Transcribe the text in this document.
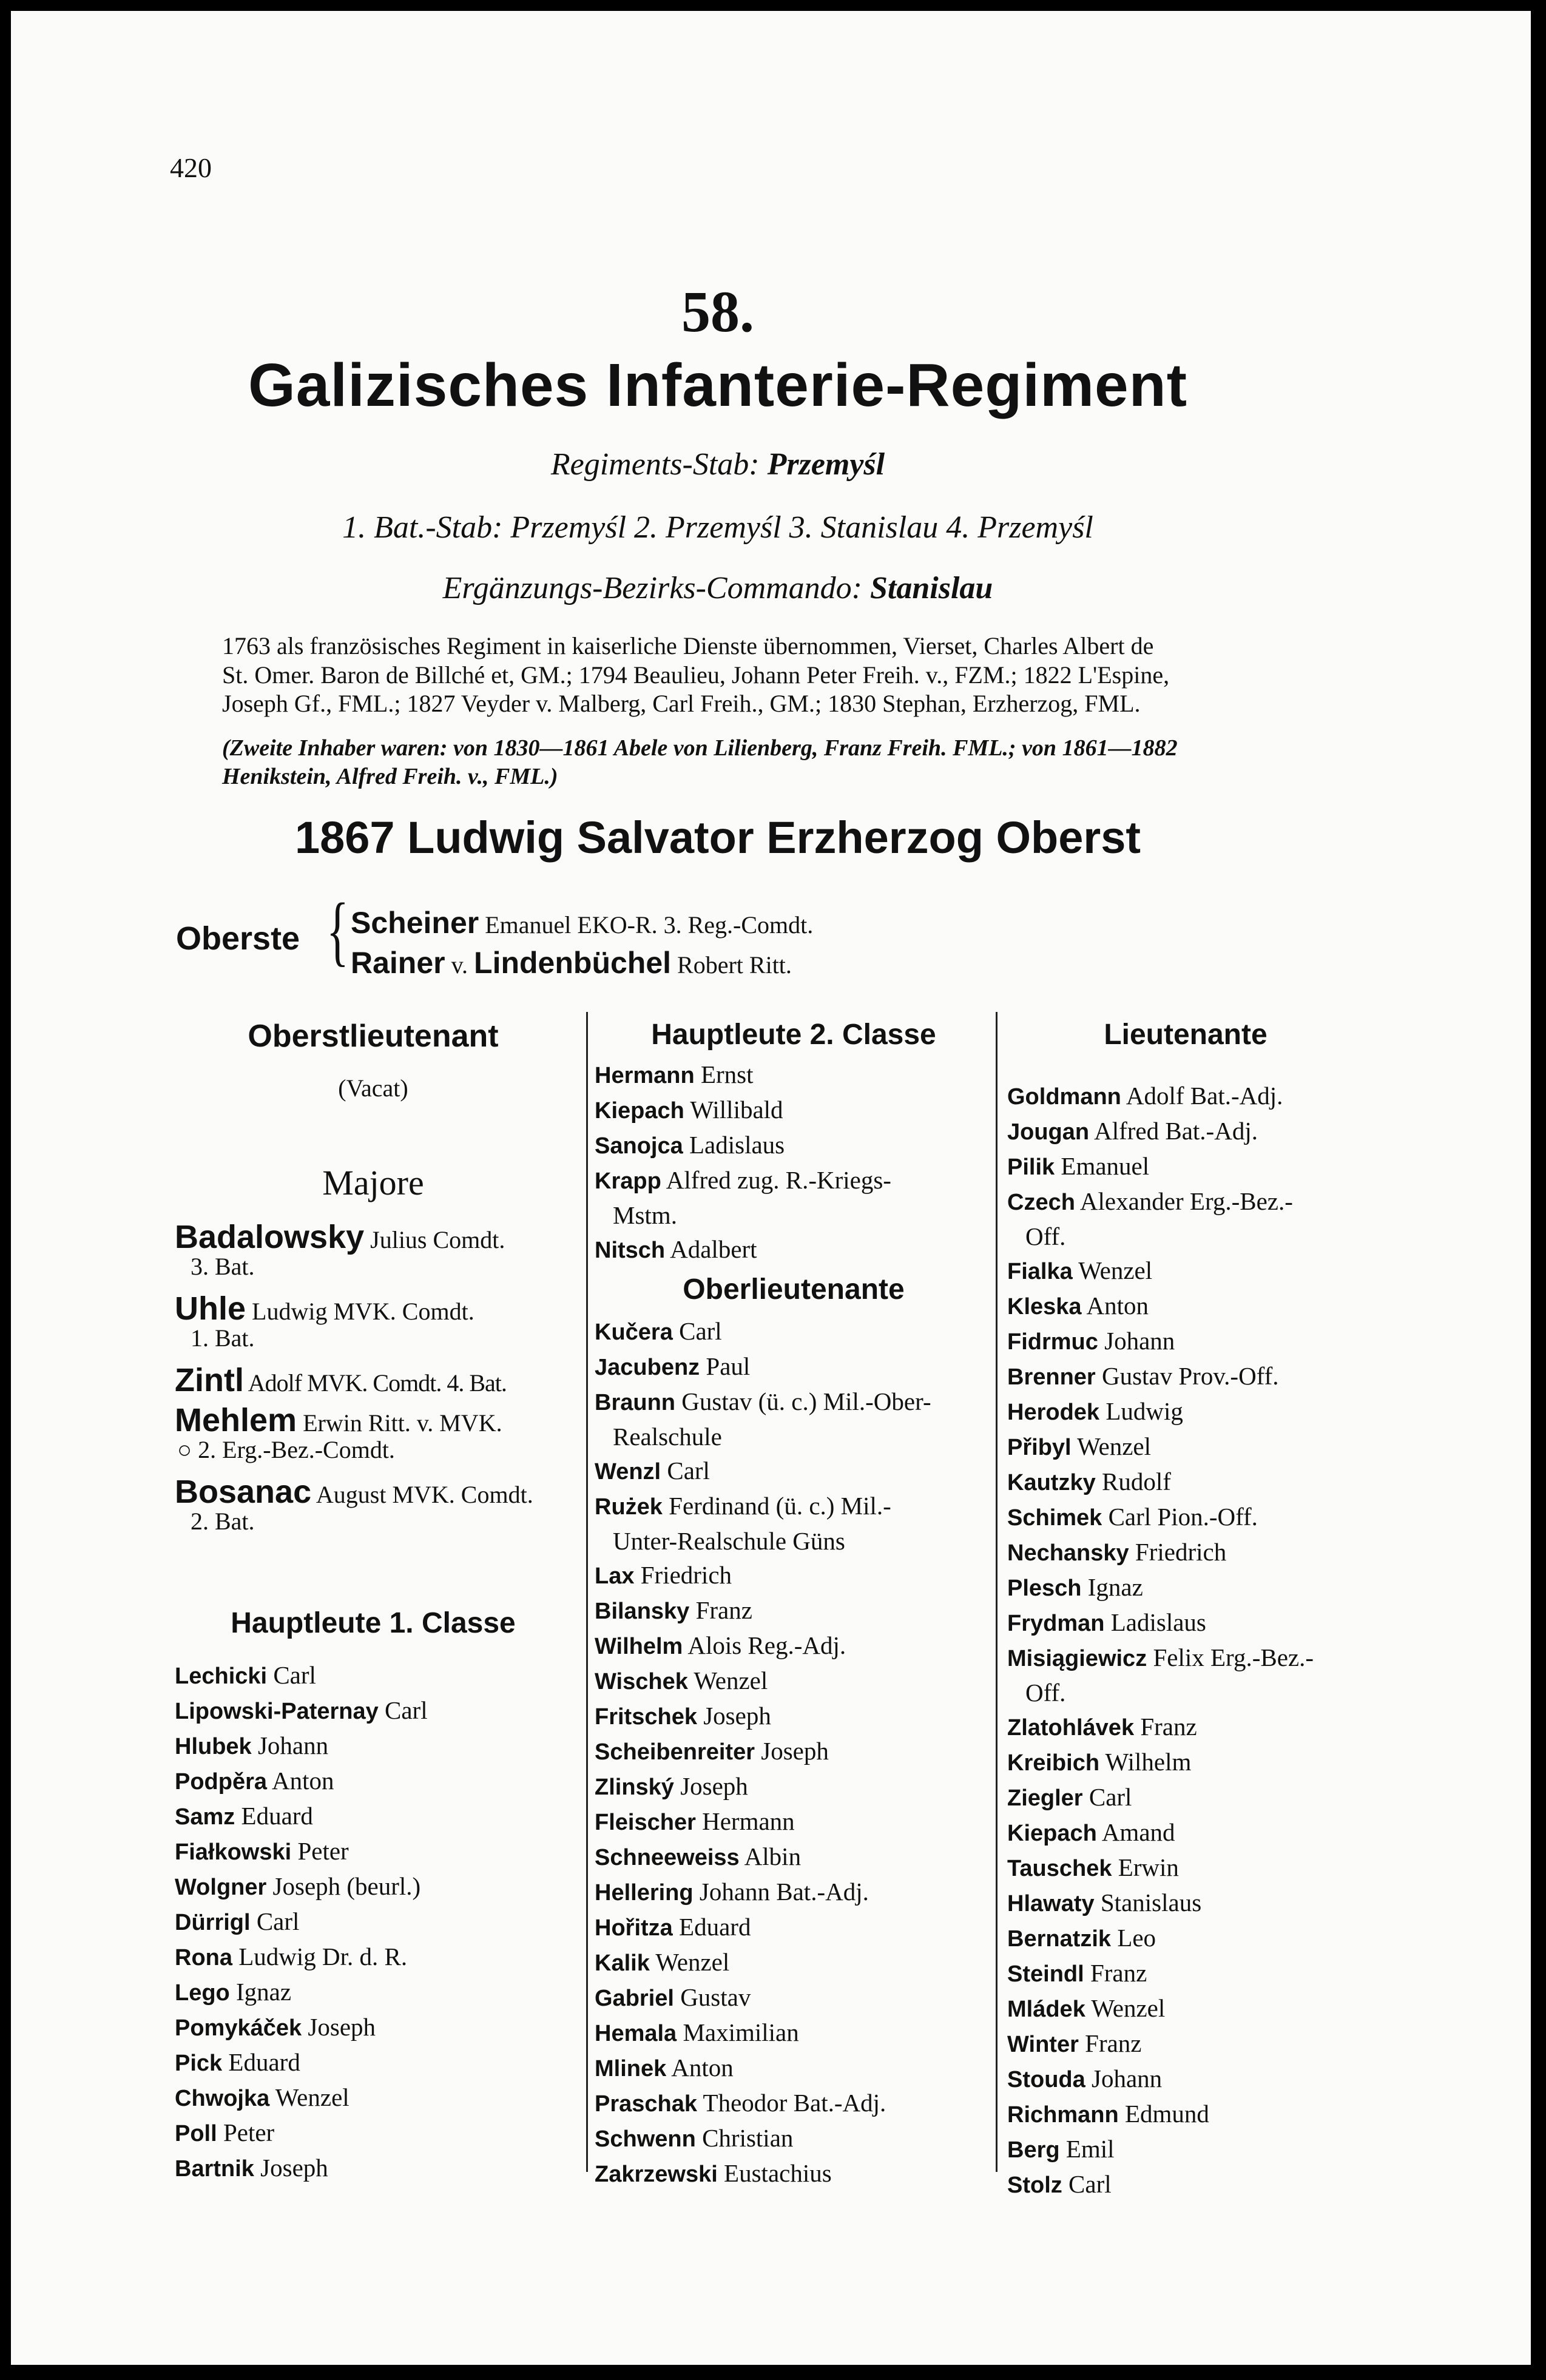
420
58.
Galizisches Infanterie-Regiment
Regiments-Stab: Przemyśl
1. Bat.-Stab: Przemyśl 2. Przemyśl 3. Stanislau 4. Przemyśl
Ergänzungs-Bezirks-Commando: Stanislau
1763 als französisches Regiment in kaiserliche Dienste übernommen, Vierset, Charles Albert de
St. Omer. Baron de Billché et, GM.; 1794 Beaulieu, Johann Peter Freih. v., FZM.; 1822 L'Espine,
Joseph Gf., FML.; 1827 Veyder v. Malberg, Carl Freih., GM.; 1830 Stephan, Erzherzog, FML.
(Zweite Inhaber waren: von 1830—1861 Abele von Lilienberg, Franz Freih. FML.; von 1861—1882
Henikstein, Alfred Freih. v., FML.)
1867 Ludwig Salvator Erzherzog Oberst
Oberste { Scheiner Emanuel EKO-R. 3. Reg.-Comdt.
Rainer v. Lindenbüchel Robert Ritt.
Oberstlieutenant
(Vacat)
Majore
Badalowsky Julius Comdt.
3. Bat.
Uhle Ludwig MVK. Comdt.
1. Bat.
Zintl Adolf MVK. Comdt. 4. Bat.
Mehlem Erwin Ritt. v. MVK.
○ 2. Erg.-Bez.-Comdt.
Bosanac August MVK. Comdt.
2. Bat.
Hauptleute 1. Classe
Lechicki Carl
Lipowski-Paternay Carl
Hlubek Johann
Podpěra Anton
Samz Eduard
Fiałkowski Peter
Wolgner Joseph (beurl.)
Dürrigl Carl
Rona Ludwig Dr. d. R.
Lego Ignaz
Pomykáček Joseph
Pick Eduard
Chwojka Wenzel
Poll Peter
Bartnik Joseph
Hauptleute 2. Classe
Hermann Ernst
Kiepach Willibald
Sanojca Ladislaus
Krapp Alfred zug. R.-Kriegs-
Mstm.
Nitsch Adalbert
Oberlieutenante
Kučera Carl
Jacubenz Paul
Braunn Gustav (ü. c.) Mil.-Ober-
Realschule
Wenzl Carl
Rużek Ferdinand (ü. c.) Mil.-
Unter-Realschule Güns
Lax Friedrich
Bilansky Franz
Wilhelm Alois Reg.-Adj.
Wischek Wenzel
Fritschek Joseph
Scheibenreiter Joseph
Zlinský Joseph
Fleischer Hermann
Schneeweiss Albin
Hellering Johann Bat.-Adj.
Hořitza Eduard
Kalik Wenzel
Gabriel Gustav
Hemala Maximilian
Mlinek Anton
Praschak Theodor Bat.-Adj.
Schwenn Christian
Zakrzewski Eustachius
Lieutenante
Goldmann Adolf Bat.-Adj.
Jougan Alfred Bat.-Adj.
Pilik Emanuel
Czech Alexander Erg.-Bez.-
Off.
Fialka Wenzel
Kleska Anton
Fidrmuc Johann
Brenner Gustav Prov.-Off.
Herodek Ludwig
Přibyl Wenzel
Kautzky Rudolf
Schimek Carl Pion.-Off.
Nechansky Friedrich
Plesch Ignaz
Frydman Ladislaus
Misiągiewicz Felix Erg.-Bez.-
Off.
Zlatohlávek Franz
Kreibich Wilhelm
Ziegler Carl
Kiepach Amand
Tauschek Erwin
Hlawaty Stanislaus
Bernatzik Leo
Steindl Franz
Mládek Wenzel
Winter Franz
Stouda Johann
Richmann Edmund
Berg Emil
Stolz Carl
